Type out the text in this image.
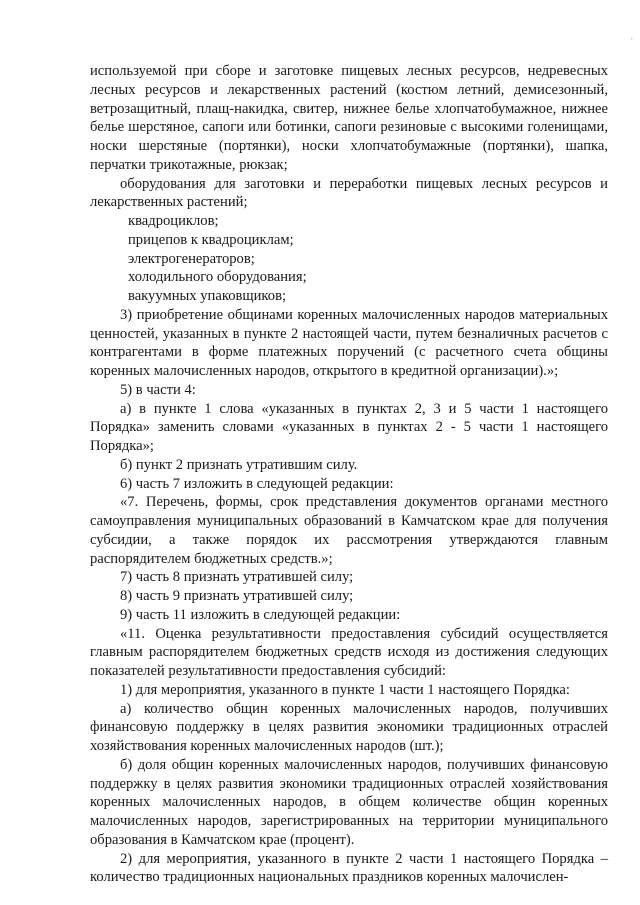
′

используемой при сборе и заготовке пищевых лесных ресурсов, недревесных лесных ресурсов и лекарственных растений (костюм летний, демисезонный, ветрозащитный, плащ-накидка, свитер, нижнее белье хлопчатобумажное, нижнее белье шерстяное, сапоги или ботинки, сапоги резиновые с высокими голенищами, носки шерстяные (портянки), носки хлопчатобумажные (портянки), шапка, перчатки трикотажные, рюкзак;

оборудования для заготовки и переработки пищевых лесных ресурсов и лекарственных растений;

квадроциклов;

прицепов к квадроциклам;

электрогенераторов;

холодильного оборудования;

вакуумных упаковщиков;

3) приобретение общинами коренных малочисленных народов материальных ценностей, указанных в пункте 2 настоящей части, путем безналичных расчетов с контрагентами в форме платежных поручений (с расчетного счета общины коренных малочисленных народов, открытого в кредитной организации).»;

5) в части 4:

а) в пункте 1 слова «указанных в пунктах 2, 3 и 5 части 1 настоящего Порядка» заменить словами «указанных в пунктах 2 - 5 части 1 настоящего Порядка»;

б) пункт 2 признать утратившим силу.

6) часть 7 изложить в следующей редакции:

«7. Перечень, формы, срок представления документов органами местного самоуправления муниципальных образований в Камчатском крае для получения субсидии, а также порядок их рассмотрения утверждаются главным распорядителем бюджетных средств.»;

7) часть 8 признать утратившей силу;

8) часть 9 признать утратившей силу;

9) часть 11 изложить в следующей редакции:

«11. Оценка результативности предоставления субсидий осуществляется главным распорядителем бюджетных средств исходя из достижения следующих показателей результативности предоставления субсидий:

1) для мероприятия, указанного в пункте 1 части 1 настоящего Порядка:

а) количество общин коренных малочисленных народов, получивших финансовую поддержку в целях развития экономики традиционных отраслей хозяйствования коренных малочисленных народов (шт.);

б) доля общин коренных малочисленных народов, получивших финансовую поддержку в целях развития экономики традиционных отраслей хозяйствования коренных малочисленных народов, в общем количестве общин коренных малочисленных народов, зарегистрированных на территории муниципального образования в Камчатском крае (процент).

2) для мероприятия, указанного в пункте 2 части 1 настоящего Порядка – количество традиционных национальных праздников коренных малочислен-
